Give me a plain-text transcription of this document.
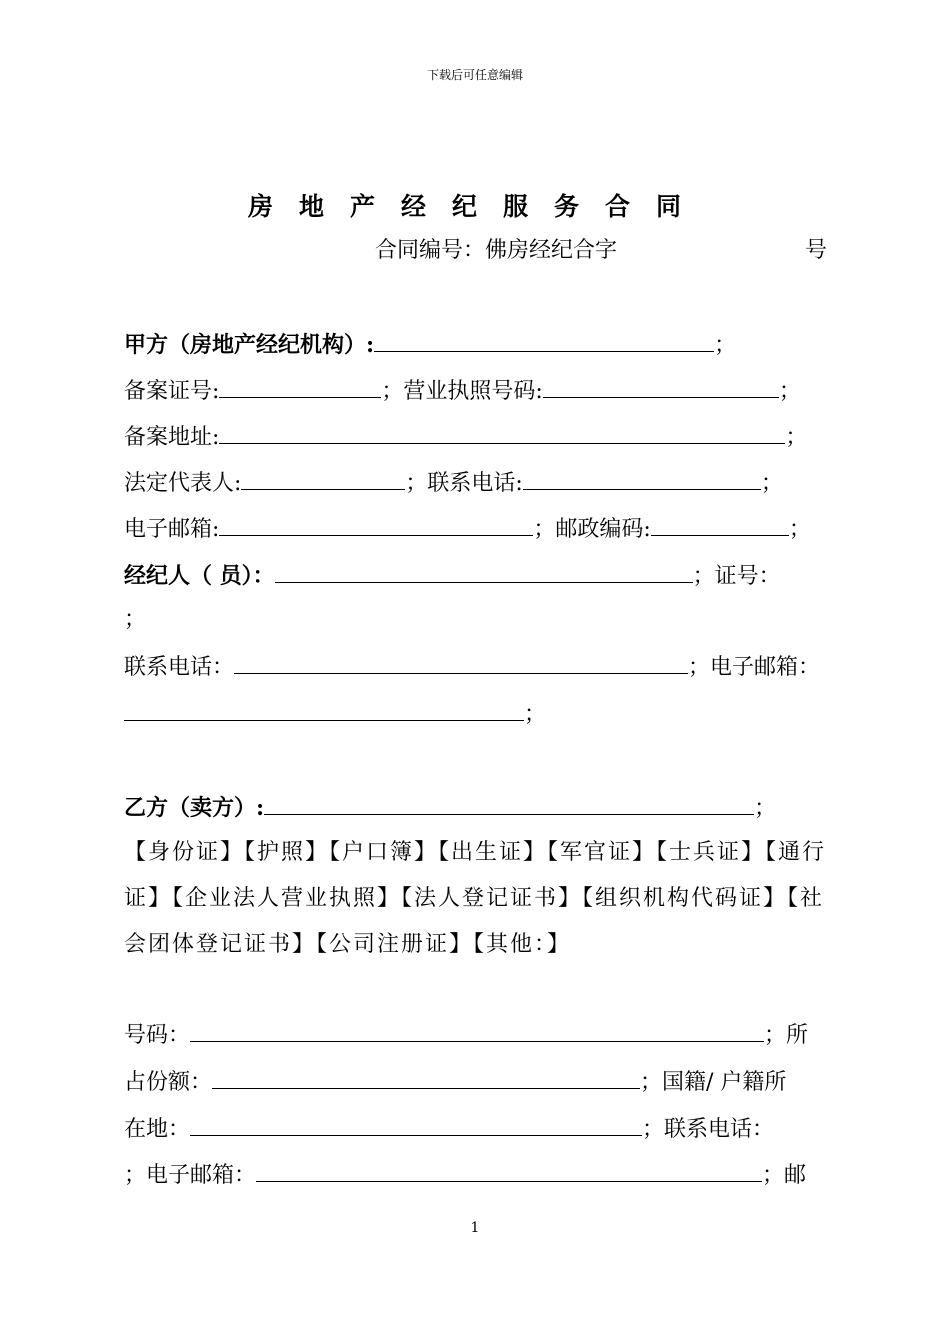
下载后可任意编辑
房地产经纪服务合同
合同编号：佛房经纪合字	号
甲方（房地产经纪机构）:	；
备案证号:	；营业执照号码:	；
备案地址:	；
法定代表人:	；联系电话:	；
电子邮箱:	；邮政编码:	；
经纪人（ 员）：	；证号：
；
联系电话：	；电子邮箱：
；
乙方（卖方）:	；
【身份证】【护照】【户口簿】【出生证】【军官证】【士兵证】【通行证】【企业法人营业执照】【法人登记证书】【组织机构代码证】【社会团体登记证书】【公司注册证】【其他：】
号码：	；所
占份额：	；国籍/ 户籍所
在地：	；联系电话：
；电子邮箱：	；邮
1
